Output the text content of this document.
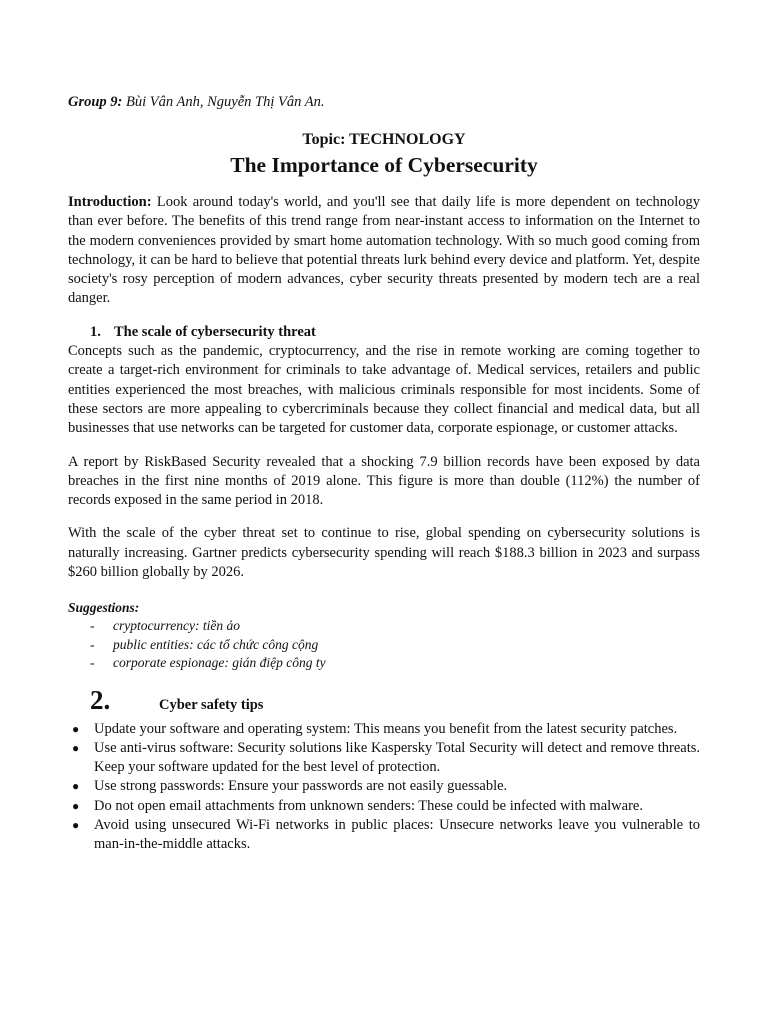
Group 9: Bùi Vân Anh, Nguyễn Thị Vân An.

Topic: TECHNOLOGY
The Importance of Cybersecurity

Introduction: Look around today's world, and you'll see that daily life is more dependent on technology than ever before. The benefits of this trend range from near-instant access to information on the Internet to the modern conveniences provided by smart home automation technology. With so much good coming from technology, it can be hard to believe that potential threats lurk behind every device and platform. Yet, despite society's rosy perception of modern advances, cyber security threats presented by modern tech are a real danger.

1. The scale of cybersecurity threat

Concepts such as the pandemic, cryptocurrency, and the rise in remote working are coming together to create a target-rich environment for criminals to take advantage of. Medical services, retailers and public entities experienced the most breaches, with malicious criminals responsible for most incidents. Some of these sectors are more appealing to cybercriminals because they collect financial and medical data, but all businesses that use networks can be targeted for customer data, corporate espionage, or customer attacks.

A report by RiskBased Security revealed that a shocking 7.9 billion records have been exposed by data breaches in the first nine months of 2019 alone. This figure is more than double (112%) the number of records exposed in the same period in 2018.

With the scale of the cyber threat set to continue to rise, global spending on cybersecurity solutions is naturally increasing. Gartner predicts cybersecurity spending will reach $188.3 billion in 2023 and surpass $260 billion globally by 2026.

Suggestions:
- cryptocurrency: tiền ảo
- public entities: các tổ chức công cộng
- corporate espionage: gián điệp công ty
2.	Cyber safety tips
● Update your software and operating system: This means you benefit from the latest security patches.
● Use anti-virus software: Security solutions like Kaspersky Total Security will detect and remove threats. Keep your software updated for the best level of protection.
● Use strong passwords: Ensure your passwords are not easily guessable.
● Do not open email attachments from unknown senders: These could be infected with malware.
● Avoid using unsecured Wi-Fi networks in public places: Unsecure networks leave you vulnerable to man-in-the-middle attacks.
